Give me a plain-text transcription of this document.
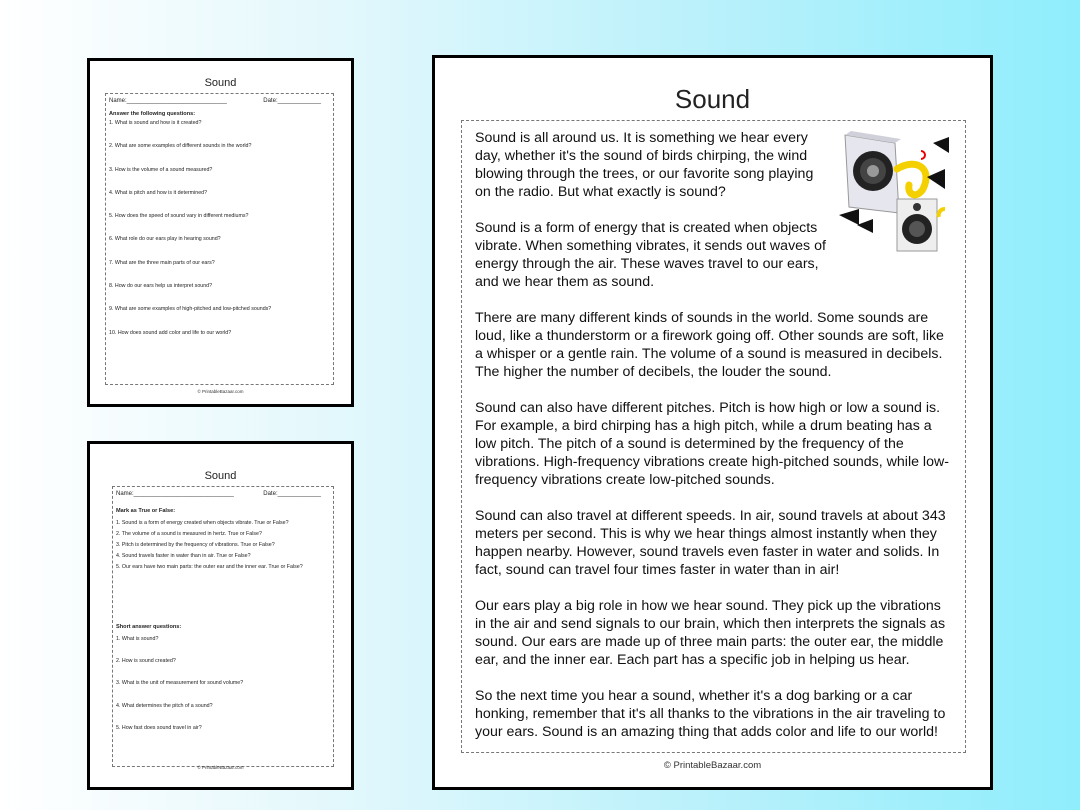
Sound
Name:______________________________	Date:_____________
Answer the following questions:
1. What is sound and how is it created?
2. What are some examples of different sounds in the world?
3. How is the volume of a sound measured?
4. What is pitch and how is it determined?
5. How does the speed of sound vary in different mediums?
6. What role do our ears play in hearing sound?
7. What are the three main parts of our ears?
8. How do our ears help us interpret sound?
9. What are some examples of high-pitched and low-pitched sounds?
10. How does sound add color and life to our world?
© PrintableBazaar.com
Sound
Name:______________________________	Date:_____________
Mark as True or False:
1. Sound is a form of energy created when objects vibrate. True or False?
2. The volume of a sound is measured in hertz. True or False?
3. Pitch is determined by the frequency of vibrations. True or False?
4. Sound travels faster in water than in air. True or False?
5. Our ears have two main parts: the outer ear and the inner ear. True or False?
Short answer questions:
1. What is sound?
2. How is sound created?
3. What is the unit of measurement for sound volume?
4. What determines the pitch of a sound?
5. How fast does sound travel in air?
© PrintableBazaar.com
Sound

Sound is all around us. It is something we hear every day, whether it's the sound of birds chirping, the wind blowing through the trees, or our favorite song playing on the radio. But what exactly is sound?

Sound is a form of energy that is created when objects vibrate. When something vibrates, it sends out waves of energy through the air. These waves travel to our ears, and we hear them as sound.

There are many different kinds of sounds in the world. Some sounds are loud, like a thunderstorm or a firework going off. Other sounds are soft, like a whisper or a gentle rain. The volume of a sound is measured in decibels. The higher the number of decibels, the louder the sound.

Sound can also have different pitches. Pitch is how high or low a sound is. For example, a bird chirping has a high pitch, while a drum beating has a low pitch. The pitch of a sound is determined by the frequency of the vibrations. High-frequency vibrations create high-pitched sounds, while low-frequency vibrations create low-pitched sounds.

Sound can also travel at different speeds. In air, sound travels at about 343 meters per second. This is why we hear things almost instantly when they happen nearby. However, sound travels even faster in water and solids. In fact, sound can travel four times faster in water than in air!

Our ears play a big role in how we hear sound. They pick up the vibrations in the air and send signals to our brain, which then interprets the signals as sound. Our ears are made up of three main parts: the outer ear, the middle ear, and the inner ear. Each part has a specific job in helping us hear.

So the next time you hear a sound, whether it's a dog barking or a car honking, remember that it's all thanks to the vibrations in the air traveling to your ears. Sound is an amazing thing that adds color and life to our world!

© PrintableBazaar.com
